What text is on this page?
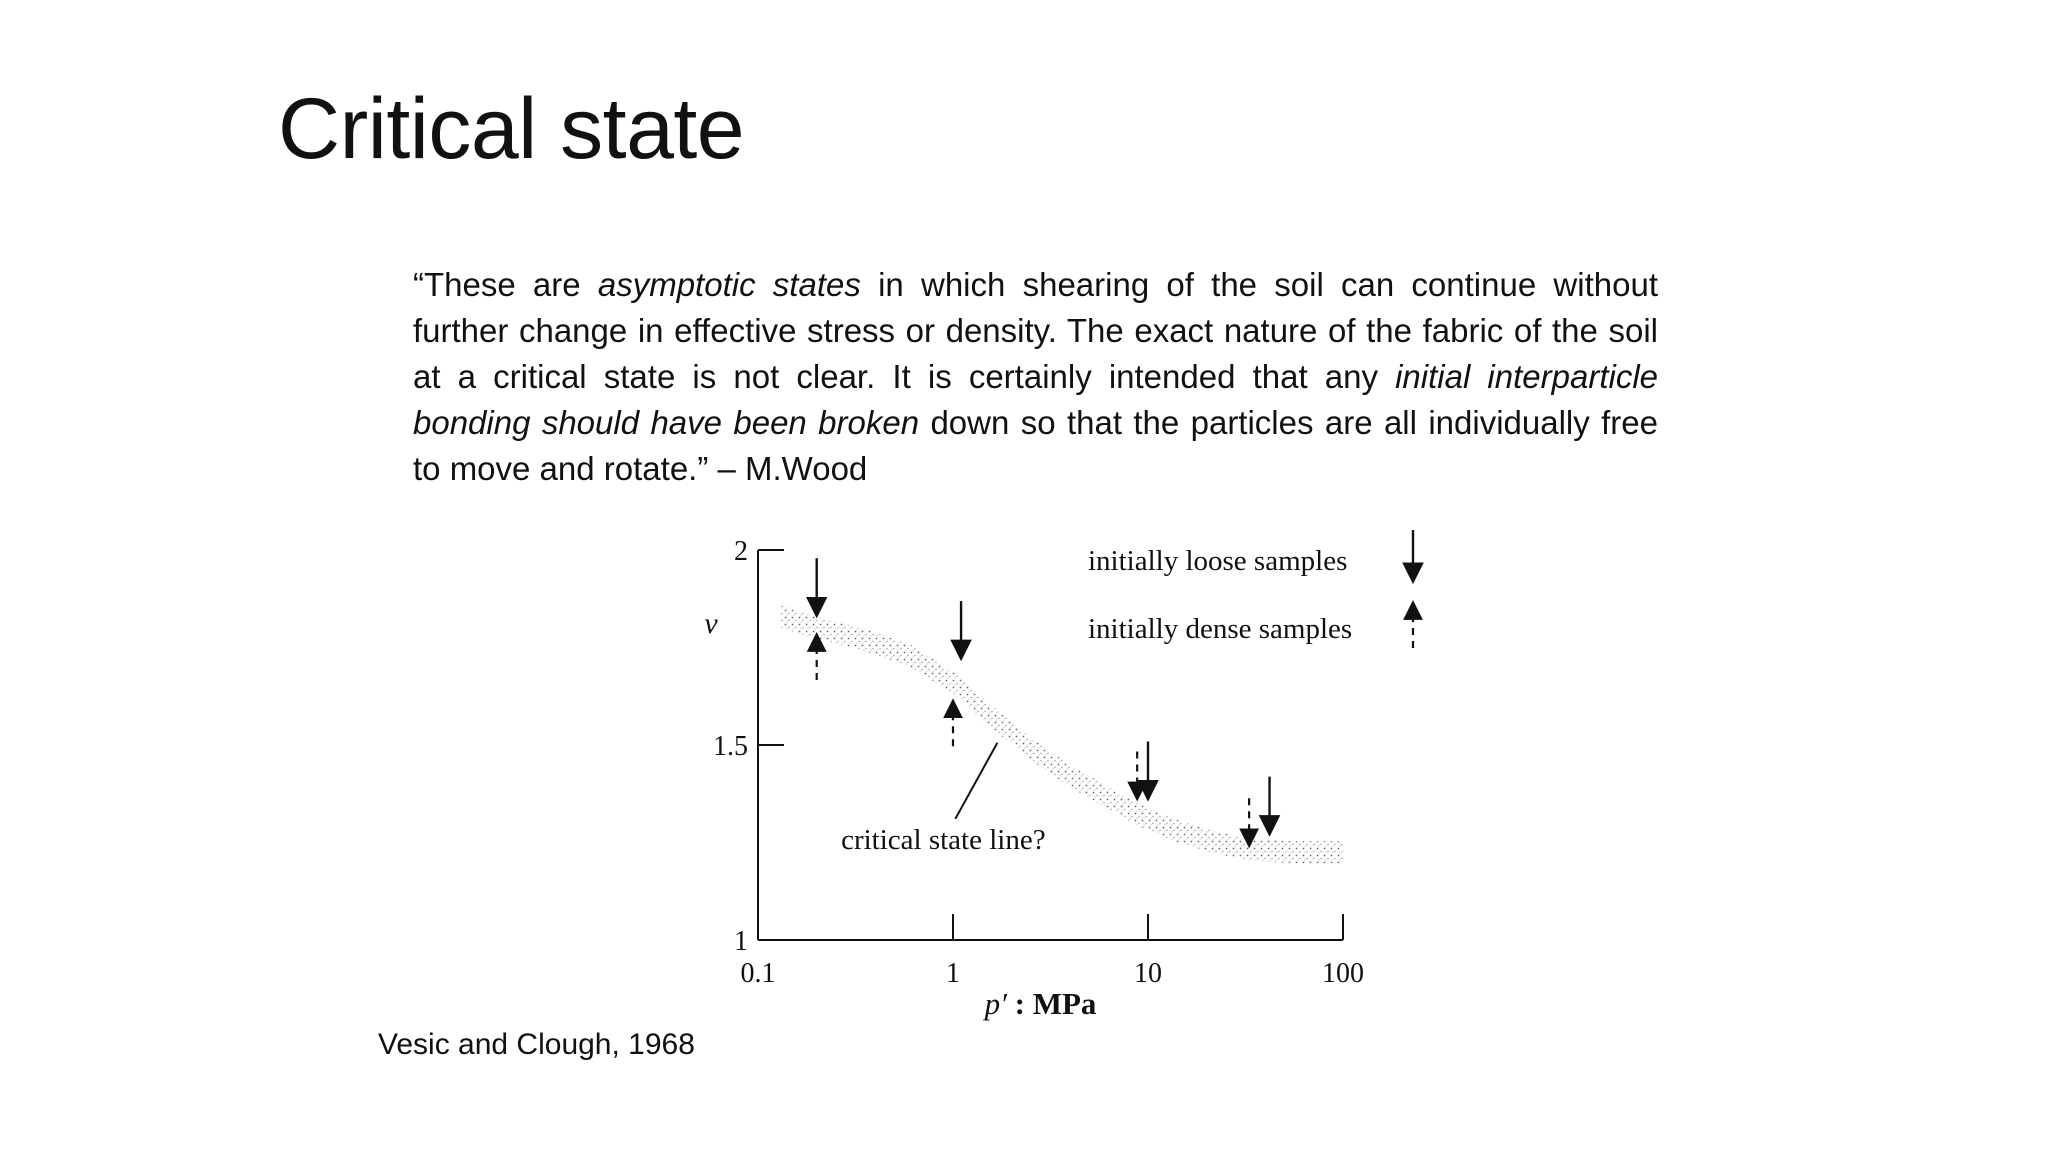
Critical state
“These are asymptotic states in which shearing of the soil can continue without further change in effective stress or density. The exact nature of the fabric of the soil at a critical state is not clear. It is certainly intended that any initial interparticle bonding should have been broken down so that the particles are all individually free to move and rotate.” – M.Wood
1
1.5
2
0.1	1	10	100
initially loose samples
initially dense samples
v
p′ : MPa
critical state line?
Vesic and Clough, 1968
